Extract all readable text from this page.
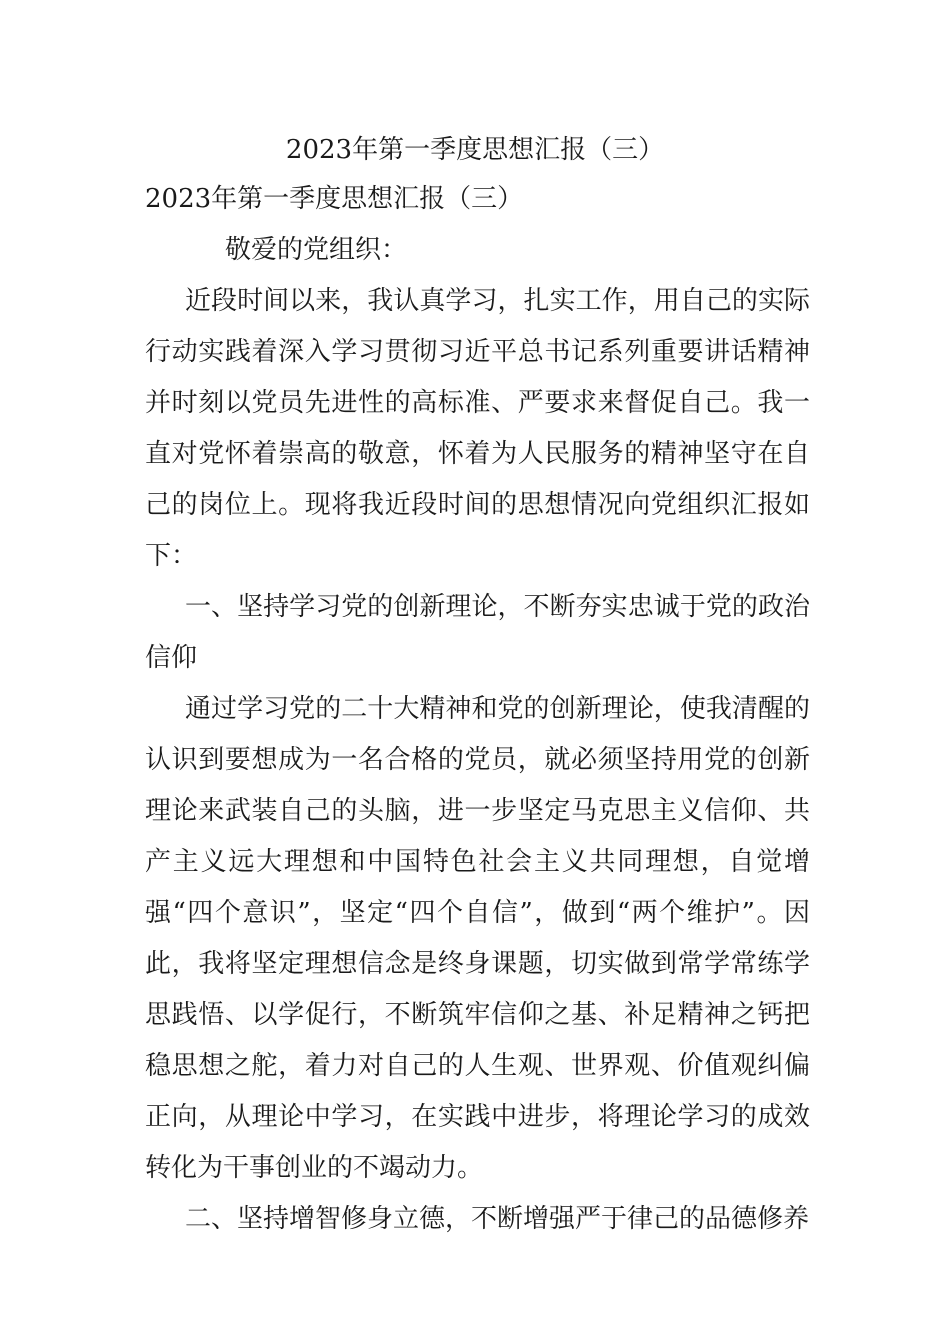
2023年第一季度思想汇报（三）

2023年第一季度思想汇报（三）

敬爱的党组织：

近段时间以来，我认真学习，扎实工作，用自己的实际行动实践着深入学习贯彻习近平总书记系列重要讲话精神并时刻以党员先进性的高标准、严要求来督促自己。我一直对党怀着崇高的敬意，怀着为人民服务的精神坚守在自己的岗位上。现将我近段时间的思想情况向党组织汇报如下：

一、坚持学习党的创新理论，不断夯实忠诚于党的政治信仰

通过学习党的二十大精神和党的创新理论，使我清醒的认识到要想成为一名合格的党员，就必须坚持用党的创新理论来武装自己的头脑，进一步坚定马克思主义信仰、共产主义远大理想和中国特色社会主义共同理想，自觉增强“四个意识”，坚定“四个自信”，做到“两个维护”。因此，我将坚定理想信念是终身课题，切实做到常学常练学思践悟、以学促行，不断筑牢信仰之基、补足精神之钙把稳思想之舵，着力对自己的人生观、世界观、价值观纠偏正向，从理论中学习，在实践中进步，将理论学习的成效转化为干事创业的不竭动力。

二、坚持增智修身立德，不断增强严于律己的品德修养
